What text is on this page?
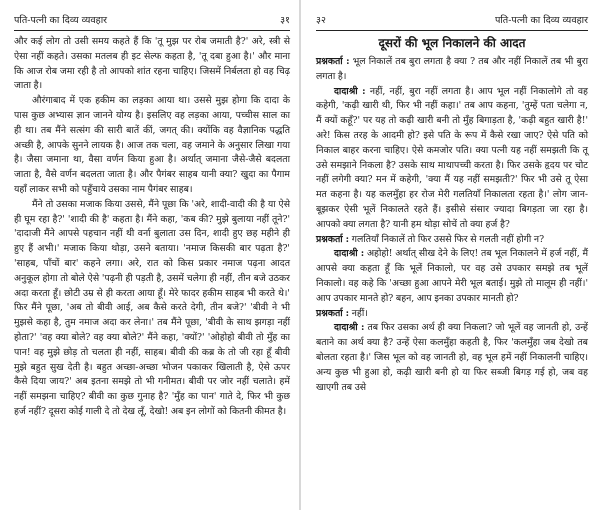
पति-पत्नी का दिव्य व्यवहार	३१

और कई लोग तो उसी समय कहते हैं कि 'तू मुझ पर रोब जमाती है?' अरे, स्त्री से ऐसा नहीं कहते। उसका मतलब ही इट सेल्फ कहता है, 'तू दबा हुआ है।' और माना कि आज रोब जमा रही है तो आपको शांत रहना चाहिए। जिसमें निर्बलता हो वह चिढ़ जाता है।

औरंगाबाद में एक हकीम का लड़का आया था। उससे मुझ होगा कि दादा के पास कुछ अभ्यास ज्ञान जानने योग्य है। इसलिए वह लड़का आया, पच्चीस साल का ही था। तब मैंने सत्संग की सारी बातें कीं, जगत् की। क्योंकि वह वैज्ञानिक पद्धति अच्छी है, आपके सुनने लायक है। आज तक चला, वह जमाने के अनुसार लिखा गया है। जैसा जमाना था, वैसा वर्णन किया हुआ है। अर्थात् जमाना जैसे-जैसे बदलता जाता है, वैसे वर्णन बदलता जाता है। और पैगंबर साहब यानी क्या? खुदा का पैगाम यहाँ लाकर सभी को पहुँचाये उसका नाम पैगंबर साहब।

मैंने तो उसका मजाक किया उससे, मैंने पूछा कि 'अरे, शादी-वादी की है या ऐसे ही घूम रहा है?' 'शादी की है' कहता है। मैंने कहा, 'कब की? मुझे बुलाया नहीं तूने?' 'दादाजी मैंने आपसे पहचान नहीं थी वर्ना बुलाता उस दिन, शादी हुए छह महीने ही हुए हैं अभी।' मजाक किया थोड़ा, उसने बताया। 'नमाज किसकी बार पढ़ता है?' 'साहब, पाँचों बार' कहने लगा। अरे, रात को किस प्रकार नमाज पढ़ना आदत अनुकूल होगा तो बोले ऐसे 'पढ़नी ही पड़ती है, उसमें चलेगा ही नहीं, तीन बजे उठकर अदा करता हूँ। छोटी उम्र से ही करता आया हूँ। मेरे फादर हकीम साहब भी करते थे।' फिर मैंने पूछा, 'अब तो बीवी आई, अब कैसे करते देगी, तीन बजे?' 'बीवी ने भी मुझसे कहा है, तुम नमाज अदा कर लेना।' तब मैंने पूछा, 'बीवी के साथ झगड़ा नहीं होता?' 'वह क्या बोले? वह क्या बोले?' मैंने कहा, 'क्यों?' 'ओहोहो बीवी तो मुँह का पान! वह मुझे छोड़ तो चलता ही नहीं, साहब। बीवी की कब्र के तो जी रहा हूँ बीवी मुझे बहुत सुख देती है। बहुत अच्छा-अच्छा भोजन पकाकर खिलाती है, ऐसे ऊपर कैसे दिया जाय?' अब इतना समझे तो भी गनीमत। बीवी पर जोर नहीं चलाते। हमें नहीं समझना चाहिए? बीवी का कुछ गुनाह है? 'मुँह का पान' गाते दे, फिर भी कुछ हर्ज नहीं? दूसरा कोई गाली दे तो देख लूँ, देखो! अब इन लोगों को कितनी कीमत है।

३२	पति-पत्नी का दिव्य व्यवहार
दूसरों की भूल निकालने की आदत

प्रश्नकर्ता : भूल निकालें तब बुरा लगता है क्या ? तब और नहीं निकालें तब भी बुरा लगता है।

दादाश्री : नहीं, नहीं, बुरा नहीं लगता है। आप भूल नहीं निकालोगे तो वह कहेगी, 'कढ़ी खारी थी, फिर भी नहीं कहा।' तब आप कहना, 'तुम्हें पता चलेगा न, मैं क्यों कहूँ?' पर यह तो कढ़ी खारी बनी तो मुँह बिगाड़ता है, 'कढ़ी बहुत खारी है!' अरे! किस तरह के आदमी हो? इसे पति के रूप में कैसे रखा जाए? ऐसे पति को निकाल बाहर करना चाहिए। ऐसे कमजोर पति। क्या पत्नी यह नहीं समझती कि तू उसे समझाने निकला है? उसके साथ माथापच्ची करता है। फिर उसके हृदय पर चोट नहीं लगेगी क्या? मन में कहेगी, 'क्या मैं यह नहीं समझती?' फिर भी उसे तू ऐसा मत कहना है। यह कलमुँहा हर रोज मेरी गलतियाँ निकालता रहता है।' लोग जान-बूझकर ऐसी भूलें निकालते रहते हैं। इसीसे संसार ज्यादा बिगड़ता जा रहा है। आपको क्या लगता है? यानी हम थोड़ा सोचें तो क्या हर्ज है?

प्रश्नकर्ता : गलतियाँ निकालें तो फिर उससे फिर से गलती नहीं होगी न?

दादाश्री : अहोहो! अर्थात् सीख देने के लिए! तब भूल निकालने में हर्ज नहीं, मैं आपसे क्या कहता हूँ कि भूलें निकालो, पर वह उसे उपकार समझे तब भूलें निकालो। वह कहे कि 'अच्छा हुआ आपने मेरी भूल बताई। मुझे तो मालूम ही नहीं।' आप उपकार मानते हो? बहन, आप इनका उपकार मानती हो?

प्रश्नकर्ता : नहीं।

दादाश्री : तब फिर उसका अर्थ ही क्या निकला? जो भूलें वह जानती हो, उन्हें बताने का अर्थ क्या है? उन्हें ऐसा कलमुँहा कहती है, फिर 'कलमुँहा जब देखो तब बोलता रहता है।' जिस भूल को वह जानती हो, वह भूल हमें नहीं निकालनी चाहिए। अन्य कुछ भी हुआ हो, कढ़ी खारी बनी हो या फिर सब्जी बिगड़ गई हो, जब वह खाएगी तब उसे
